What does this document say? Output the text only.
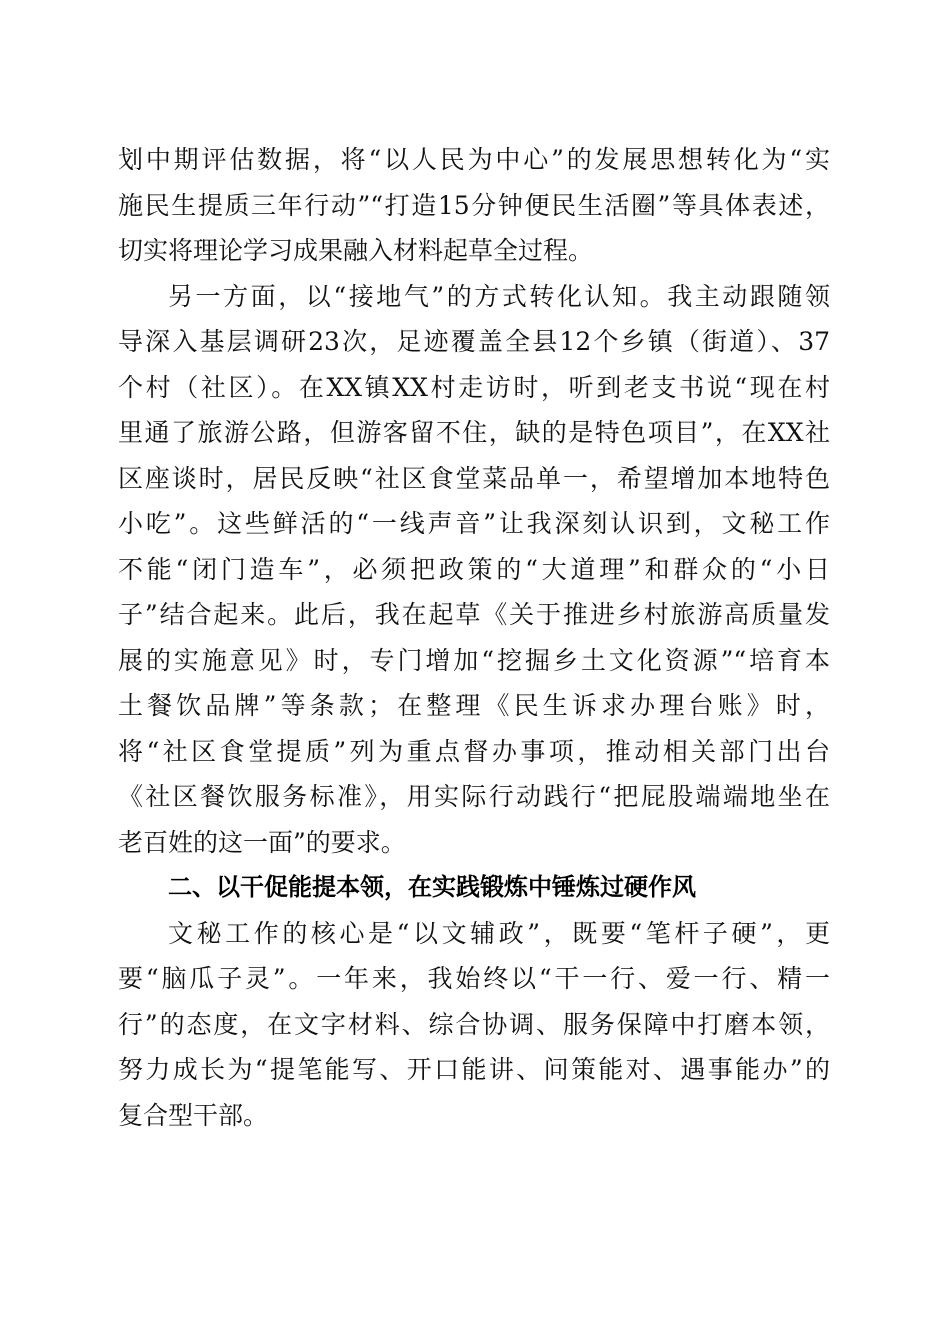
划中期评估数据，将“以人民为中心”的发展思想转化为“实
施民生提质三年行动”“打造15分钟便民生活圈”等具体表述，
切实将理论学习成果融入材料起草全过程。
另一方面，以“接地气”的方式转化认知。我主动跟随领
导深入基层调研23次，足迹覆盖全县12个乡镇（街道）、37
个村（社区）。在XX镇XX村走访时，听到老支书说“现在村
里通了旅游公路，但游客留不住，缺的是特色项目”，在XX社
区座谈时，居民反映“社区食堂菜品单一，希望增加本地特色
小吃”。这些鲜活的“一线声音”让我深刻认识到，文秘工作
不能“闭门造车”，必须把政策的“大道理”和群众的“小日
子”结合起来。此后，我在起草《关于推进乡村旅游高质量发
展的实施意见》时，专门增加“挖掘乡土文化资源”“培育本
土餐饮品牌”等条款；在整理《民生诉求办理台账》时，
将“社区食堂提质”列为重点督办事项，推动相关部门出台
《社区餐饮服务标准》，用实际行动践行“把屁股端端地坐在
老百姓的这一面”的要求。
二、以干促能提本领，在实践锻炼中锤炼过硬作风
文秘工作的核心是“以文辅政”，既要“笔杆子硬”，更
要“脑瓜子灵”。一年来，我始终以“干一行、爱一行、精一
行”的态度，在文字材料、综合协调、服务保障中打磨本领，
努力成长为“提笔能写、开口能讲、问策能对、遇事能办”的
复合型干部。
